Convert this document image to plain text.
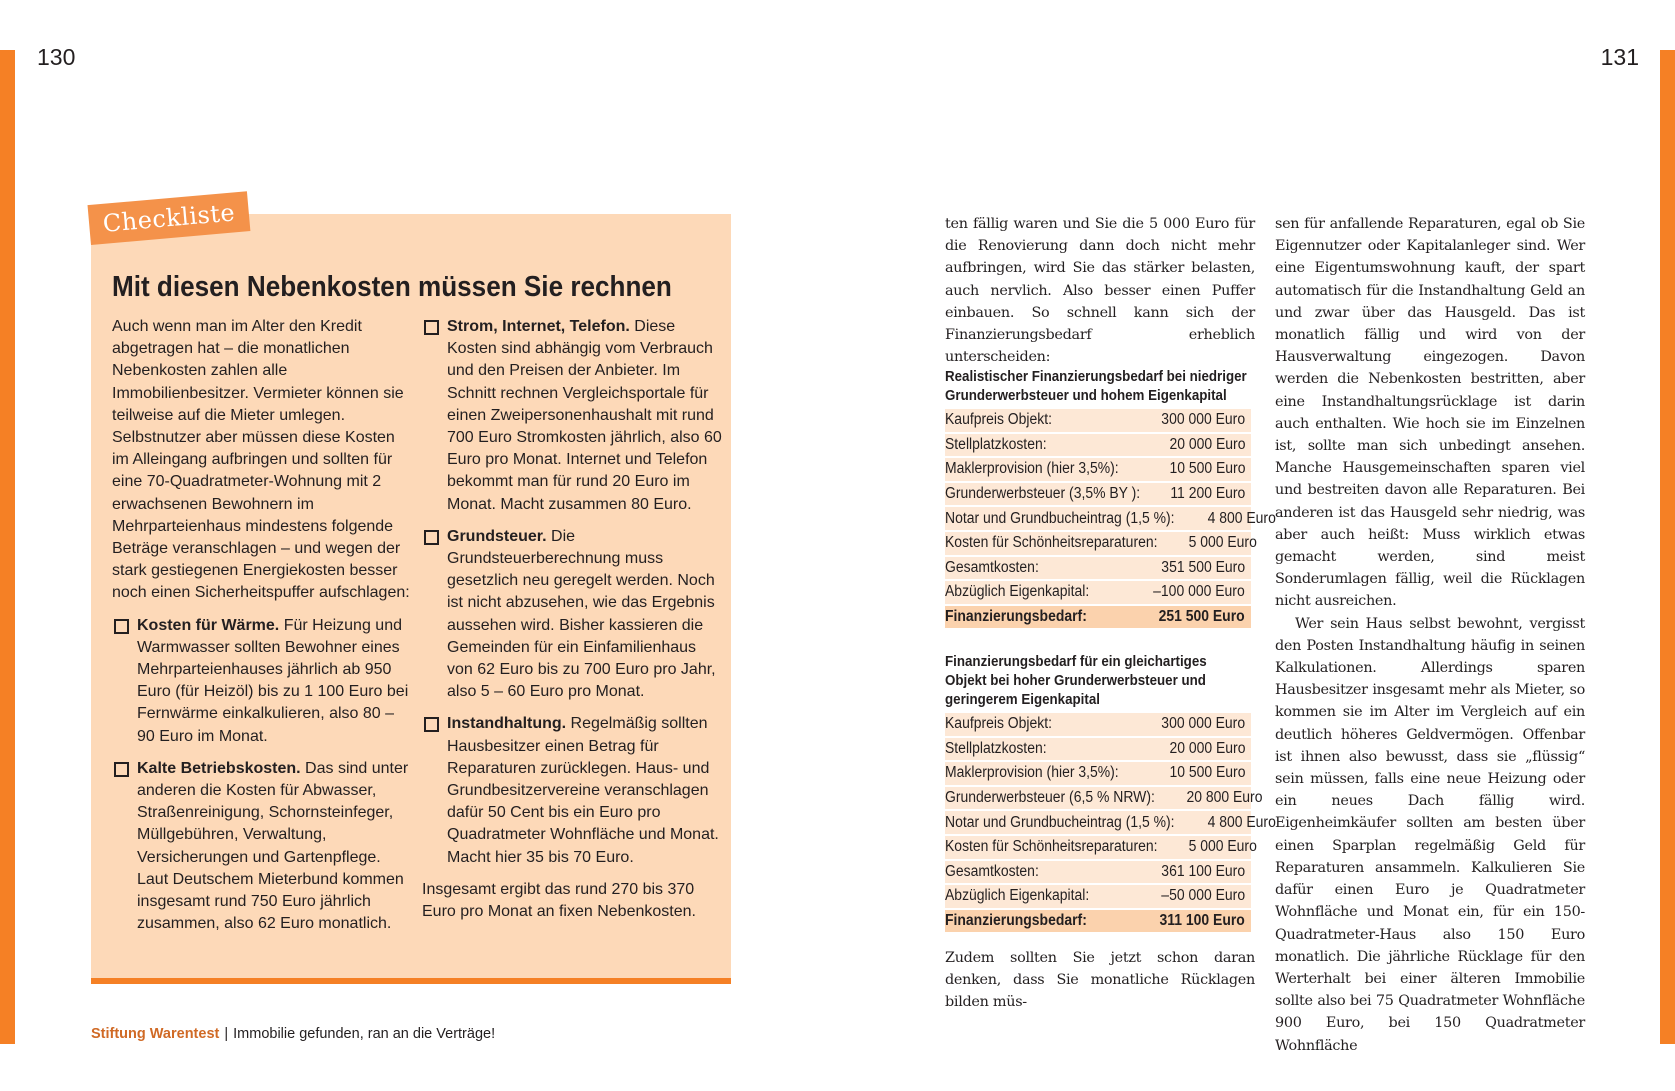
130	131
Checkliste
Mit diesen Nebenkosten müssen Sie rechnen

Auch wenn man im Alter den Kredit abgetragen hat – die monatlichen Nebenkosten zahlen alle Immobilienbesitzer. Vermieter können sie teilweise auf die Mieter umlegen. Selbstnutzer aber müssen diese Kosten im Alleingang aufbringen und sollten für eine 70-Quadratmeter-Wohnung mit 2 erwachsenen Bewohnern im Mehrparteienhaus mindestens folgende Beträge veranschlagen – und wegen der stark gestiegenen Energiekosten besser noch einen Sicherheitspuffer aufschlagen:

Kosten für Wärme. Für Heizung und Warmwasser sollten Bewohner eines Mehrparteienhauses jährlich ab 950 Euro (für Heizöl) bis zu 1 100 Euro bei Fernwärme einkalkulieren, also 80 – 90 Euro im Monat.
Kalte Betriebskosten. Das sind unter anderen die Kosten für Abwasser, Straßenreinigung, Schornsteinfeger, Müllgebühren, Verwaltung, Versicherungen und Gartenpflege. Laut Deutschem Mieterbund kommen insgesamt rund 750 Euro jährlich zusammen, also 62 Euro monatlich.
Strom, Internet, Telefon. Diese Kosten sind abhängig vom Verbrauch und den Preisen der Anbieter. Im Schnitt rechnen Vergleichsportale für einen Zweipersonenhaushalt mit rund 700 Euro Stromkosten jährlich, also 60 Euro pro Monat. Internet und Telefon bekommt man für rund 20 Euro im Monat. Macht zusammen 80 Euro.
Grundsteuer. Die Grundsteuerberechnung muss gesetzlich neu geregelt werden. Noch ist nicht abzusehen, wie das Ergebnis aussehen wird. Bisher kassieren die Gemeinden für ein Einfamilienhaus von 62 Euro bis zu 700 Euro pro Jahr, also 5 – 60 Euro pro Monat.
Instandhaltung. Regelmäßig sollten Hausbesitzer einen Betrag für Reparaturen zurücklegen. Haus- und Grundbesitzervereine veranschlagen dafür 50 Cent bis ein Euro pro Quadratmeter Wohnfläche und Monat. Macht hier 35 bis 70 Euro.

Insgesamt ergibt das rund 270 bis 370 Euro pro Monat an fixen Nebenkosten.

ten fällig waren und Sie die 5 000 Euro für die Renovierung dann doch nicht mehr aufbringen, wird Sie das stärker belasten, auch nervlich. Also besser einen Puffer einbauen. So schnell kann sich der Finanzierungsbedarf erheblich unterscheiden:

Realistischer Finanzierungsbedarf bei niedriger Grunderwerbsteuer und hohem Eigenkapital
Kaufpreis Objekt:	300 000 Euro
Stellplatzkosten:	20 000 Euro
Maklerprovision (hier 3,5%):	10 500 Euro
Grunderwerbsteuer (3,5% BY ): 11 200 Euro
Notar und Grundbucheintrag (1,5 %): 4 800 Euro
Kosten für Schönheitsreparaturen: 5 000 Euro
Gesamtkosten:	351 500 Euro
Abzüglich Eigenkapital:	–100 000 Euro
Finanzierungsbedarf:	251 500 Euro
Finanzierungsbedarf für ein gleichartiges Objekt bei hoher Grunderwerbsteuer und geringerem Eigenkapital
Kaufpreis Objekt:	300 000 Euro
Stellplatzkosten:	20 000 Euro
Maklerprovision (hier 3,5%):	10 500 Euro
Grunderwerbsteuer (6,5 % NRW): 20 800 Euro
Notar und Grundbucheintrag (1,5 %): 4 800 Euro
Kosten für Schönheitsreparaturen: 5 000 Euro
Gesamtkosten:	361 100 Euro
Abzüglich Eigenkapital:	–50 000 Euro
Finanzierungsbedarf:	311 100 Euro

Zudem sollten Sie jetzt schon daran denken, dass Sie monatliche Rücklagen bilden müs-

sen für anfallende Reparaturen, egal ob Sie Eigennutzer oder Kapitalanleger sind. Wer eine Eigentumswohnung kauft, der spart automatisch für die Instandhaltung Geld an und zwar über das Hausgeld. Das ist monatlich fällig und wird von der Hausverwaltung eingezogen. Davon werden die Nebenkosten bestritten, aber eine Instandhaltungsrücklage ist darin auch enthalten. Wie hoch sie im Einzelnen ist, sollte man sich unbedingt ansehen. Manche Hausgemeinschaften sparen viel und bestreiten davon alle Reparaturen. Bei anderen ist das Hausgeld sehr niedrig, was aber auch heißt: Muss wirklich etwas gemacht werden, sind meist Sonderumlagen fällig, weil die Rücklagen nicht ausreichen.

Wer sein Haus selbst bewohnt, vergisst den Posten Instandhaltung häufig in seinen Kalkulationen. Allerdings sparen Hausbesitzer insgesamt mehr als Mieter, so kommen sie im Alter im Vergleich auf ein deutlich höheres Geldvermögen. Offenbar ist ihnen also bewusst, dass sie „flüssig“ sein müssen, falls eine neue Heizung oder ein neues Dach fällig wird. Eigenheimkäufer sollten am besten über einen Sparplan regelmäßig Geld für Reparaturen ansammeln. Kalkulieren Sie dafür einen Euro je Quadratmeter Wohnfläche und Monat ein, für ein 150-Quadratmeter-Haus also 150 Euro monatlich. Die jährliche Rücklage für den Werterhalt bei einer älteren Immobilie sollte also bei 75 Quadratmeter Wohnfläche 900 Euro, bei 150 Quadratmeter Wohnfläche

Stiftung Warentest | Immobilie gefunden, ran an die Verträge!
